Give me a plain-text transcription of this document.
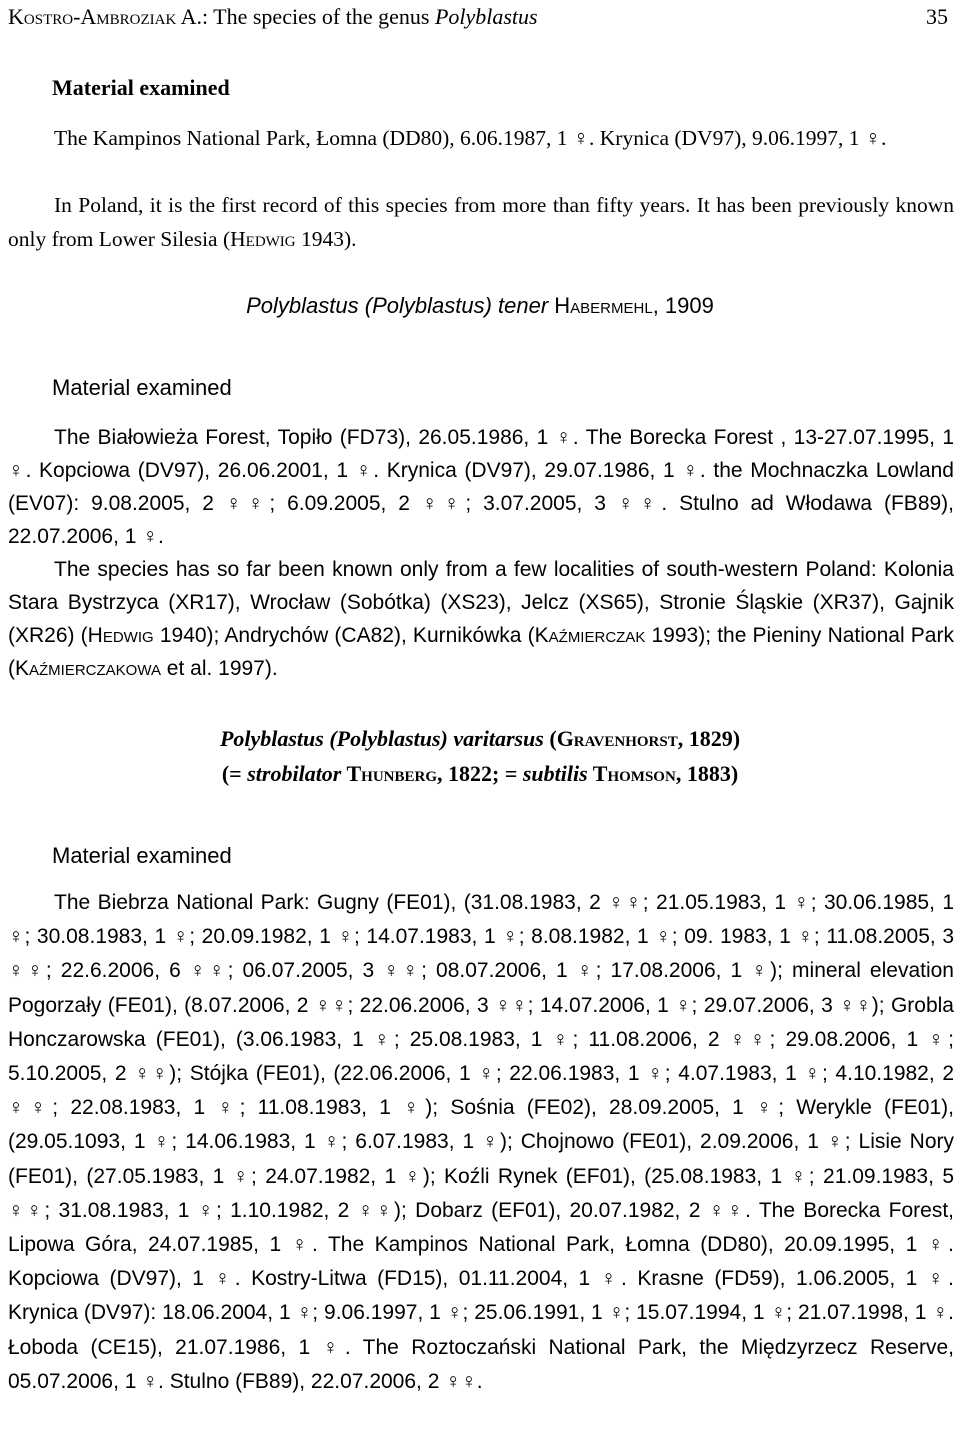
Kostro-Ambroziak A.: The species of the genus Polyblastus	35
Material examined

The Kampinos National Park, Łomna (DD80), 6.06.1987, 1 ♀. Krynica (DV97), 9.06.1997, 1 ♀.

In Poland, it is the first record of this species from more than fifty years. It has been previously known only from Lower Silesia (Hedwig 1943).

Polyblastus (Polyblastus) tener Habermehl, 1909
Material examined

The Białowieża Forest, Topiło (FD73), 26.05.1986, 1 ♀. The Borecka Forest , 13-27.07.1995, 1 ♀. Kopciowa (DV97), 26.06.2001, 1 ♀. Krynica (DV97), 29.07.1986, 1 ♀. the Mochnaczka Lowland (EV07): 9.08.2005, 2 ♀♀; 6.09.2005, 2 ♀♀; 3.07.2005, 3 ♀♀. Stulno ad Włodawa (FB89), 22.07.2006, 1 ♀.

The species has so far been known only from a few localities of south-western Poland: Kolonia Stara Bystrzyca (XR17), Wrocław (Sobótka) (XS23), Jelcz (XS65), Stronie Śląskie (XR37), Gajnik (XR26) (Hedwig 1940); Andrychów (CA82), Kurnikówka (Kaźmierczak 1993); the Pieniny National Park (Kaźmierczakowa et al. 1997).

Polyblastus (Polyblastus) varitarsus (Gravenhorst, 1829)
(= strobilator Thunberg, 1822; = subtilis Thomson, 1883)
Material examined

The Biebrza National Park: Gugny (FE01), (31.08.1983, 2 ♀♀; 21.05.1983, 1 ♀; 30.06.1985, 1 ♀; 30.08.1983, 1 ♀; 20.09.1982, 1 ♀; 14.07.1983, 1 ♀; 8.08.1982, 1 ♀; 09. 1983, 1 ♀; 11.08.2005, 3 ♀♀; 22.6.2006, 6 ♀♀; 06.07.2005, 3 ♀♀; 08.07.2006, 1 ♀; 17.08.2006, 1 ♀); mineral elevation Pogorzały (FE01), (8.07.2006, 2 ♀♀; 22.06.2006, 3 ♀♀; 14.07.2006, 1 ♀; 29.07.2006, 3 ♀♀); Grobla Honczarowska (FE01), (3.06.1983, 1 ♀; 25.08.1983, 1 ♀; 11.08.2006, 2 ♀♀; 29.08.2006, 1 ♀; 5.10.2005, 2 ♀♀); Stójka (FE01), (22.06.2006, 1 ♀; 22.06.1983, 1 ♀; 4.07.1983, 1 ♀; 4.10.1982, 2 ♀♀; 22.08.1983, 1 ♀; 11.08.1983, 1 ♀); Sośnia (FE02), 28.09.2005, 1 ♀; Werykle (FE01), (29.05.1093, 1 ♀; 14.06.1983, 1 ♀; 6.07.1983, 1 ♀); Chojnowo (FE01), 2.09.2006, 1 ♀; Lisie Nory (FE01), (27.05.1983, 1 ♀; 24.07.1982, 1 ♀); Koźli Rynek (EF01), (25.08.1983, 1 ♀; 21.09.1983, 5 ♀♀; 31.08.1983, 1 ♀; 1.10.1982, 2 ♀♀); Dobarz (EF01), 20.07.1982, 2 ♀♀. The Borecka Forest, Lipowa Góra, 24.07.1985, 1 ♀. The Kampinos National Park, Łomna (DD80), 20.09.1995, 1 ♀. Kopciowa (DV97), 1 ♀. Kostry-Litwa (FD15), 01.11.2004, 1 ♀. Krasne (FD59), 1.06.2005, 1 ♀. Krynica (DV97): 18.06.2004, 1 ♀; 9.06.1997, 1 ♀; 25.06.1991, 1 ♀; 15.07.1994, 1 ♀; 21.07.1998, 1 ♀. Łoboda (CE15), 21.07.1986, 1 ♀. The Roztoczański National Park, the Międzyrzecz Reserve, 05.07.2006, 1 ♀. Stulno (FB89), 22.07.2006, 2 ♀♀.
